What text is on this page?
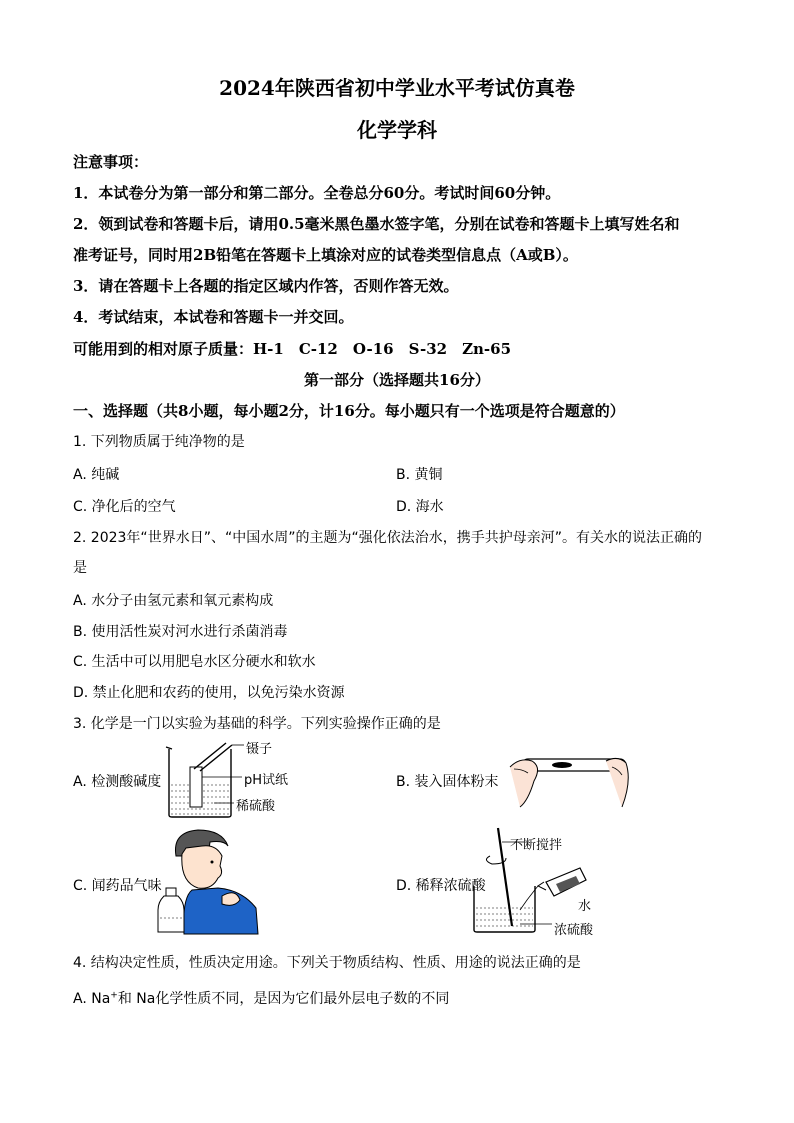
2024年陕西省初中学业水平考试仿真卷
化学学科
注意事项：
1．本试卷分为第一部分和第二部分。全卷总分60分。考试时间60分钟。
2．领到试卷和答题卡后，请用0.5毫米黑色墨水签字笔，分别在试卷和答题卡上填写姓名和
准考证号，同时用2B铅笔在答题卡上填涂对应的试卷类型信息点（A或B）。
3．请在答题卡上各题的指定区域内作答，否则作答无效。
4．考试结束，本试卷和答题卡一并交回。
可能用到的相对原子质量：H-1　C-12　O-16　S-32　Zn-65
第一部分（选择题共16分）
一、选择题（共8小题，每小题2分，计16分。每小题只有一个选项是符合题意的）
1. 下列物质属于纯净物的是
A. 纯碱	B. 黄铜
C. 净化后的空气	D. 海水
2. 2023年“世界水日”、“中国水周”的主题为“强化依法治水，携手共护母亲河”。有关水的说法正确的
是
A. 水分子由氢元素和氧元素构成
B. 使用活性炭对河水进行杀菌消毒
C. 生活中可以用肥皂水区分硬水和软水
D. 禁止化肥和农药的使用，以免污染水资源
3. 化学是一门以实验为基础的科学。下列实验操作正确的是
A. 检测酸碱度	B. 装入固体粉末
C. 闻药品气味	D. 稀释浓硫酸
镊子
pH试纸
稀硫酸
不断搅拌
水
浓硫酸
4. 结构决定性质，性质决定用途。下列关于物质结构、性质、用途的说法正确的是
A. Na+和 Na化学性质不同，是因为它们最外层电子数的不同
